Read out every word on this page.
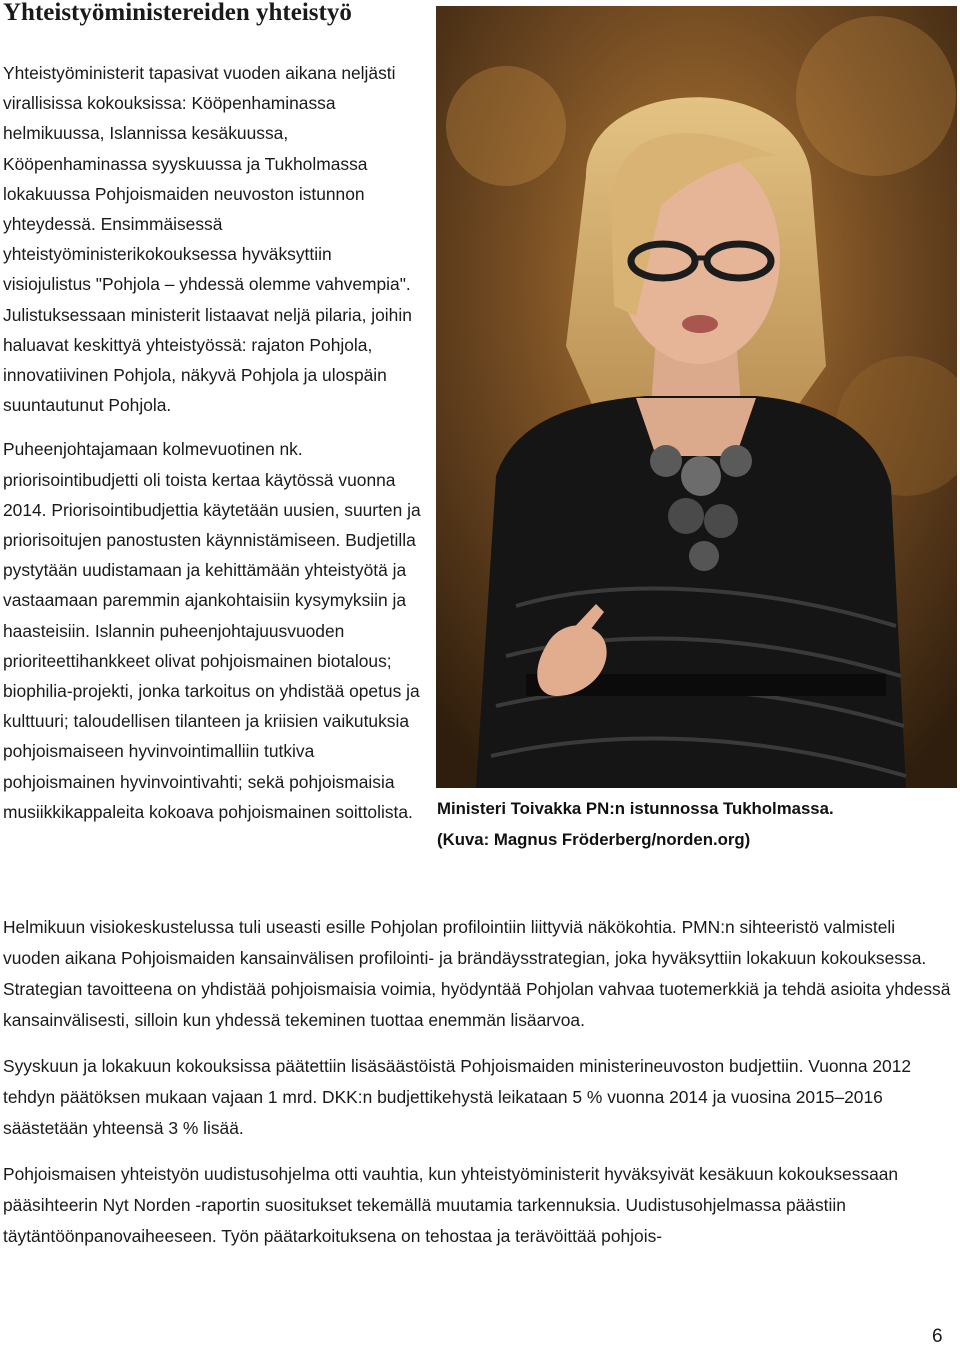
Yhteistyöministereiden yhteistyö

Yhteistyöministerit tapasivat vuoden aikana neljästi virallisissa kokouksissa: Kööpenhaminassa helmikuussa, Islannissa kesäkuussa, Kööpenhaminassa syyskuussa ja Tukholmassa lokakuussa Pohjoismaiden neuvoston istunnon yhteydessä. Ensimmäisessä yhteistyöministerikokouksessa hyväksyttiin visiojulistus "Pohjola – yhdessä olemme vahvempia". Julistuksessaan ministerit listaavat neljä pilaria, joihin haluavat keskittyä yhteistyössä: rajaton Pohjola, innovatiivinen Pohjola, näkyvä Pohjola ja ulospäin suuntautunut Pohjola.

Puheenjohtajamaan kolmevuotinen nk. priorisointibudjetti oli toista kertaa käytössä vuonna 2014. Priorisointibudjettia käytetään uusien, suurten ja priorisoitujen panostusten käynnistämiseen. Budjetilla pystytään uudistamaan ja kehittämään yhteistyötä ja vastaamaan paremmin ajankohtaisiin kysymyksiin ja haasteisiin. Islannin puheenjohtajuusvuoden prioriteettihankkeet olivat pohjoismainen biotalous; biophilia-projekti, jonka tarkoitus on yhdistää opetus ja kulttuuri; taloudellisen tilanteen ja kriisien vaikutuksia pohjoismaiseen hyvinvointimalliin tutkiva pohjoismainen hyvinvointivahti; sekä pohjoismaisia musiikkikappaleita kokoava pohjoismainen soittolista.	Ministeri Toivakka PN:n istunnossa Tukholmassa.
(Kuva: Magnus Fröderberg/norden.org)

Helmikuun visiokeskustelussa tuli useasti esille Pohjolan profilointiin liittyviä näkökohtia. PMN:n sihteeristö valmisteli vuoden aikana Pohjoismaiden kansainvälisen profilointi- ja brändäysstrategian, joka hyväksyttiin lokakuun kokouksessa. Strategian tavoitteena on yhdistää pohjoismaisia voimia, hyödyntää Pohjolan vahvaa tuotemerkkiä ja tehdä asioita yhdessä kansainvälisesti, silloin kun yhdessä tekeminen tuottaa enemmän lisäarvoa.

Syyskuun ja lokakuun kokouksissa päätettiin lisäsäästöistä Pohjoismaiden ministerineuvoston budjettiin. Vuonna 2012 tehdyn päätöksen mukaan vajaan 1 mrd. DKK:n budjettikehystä leikataan 5 % vuonna 2014 ja vuosina 2015–2016 säästetään yhteensä 3 % lisää.

Pohjoismaisen yhteistyön uudistusohjelma otti vauhtia, kun yhteistyöministerit hyväksyivät kesäkuun kokouksessaan pääsihteerin Nyt Norden -raportin suositukset tekemällä muutamia tarkennuksia. Uudistusohjelmassa päästiin täytäntöönpanovaiheeseen. Työn päätarkoituksena on tehostaa ja terävöittää pohjois-

6
